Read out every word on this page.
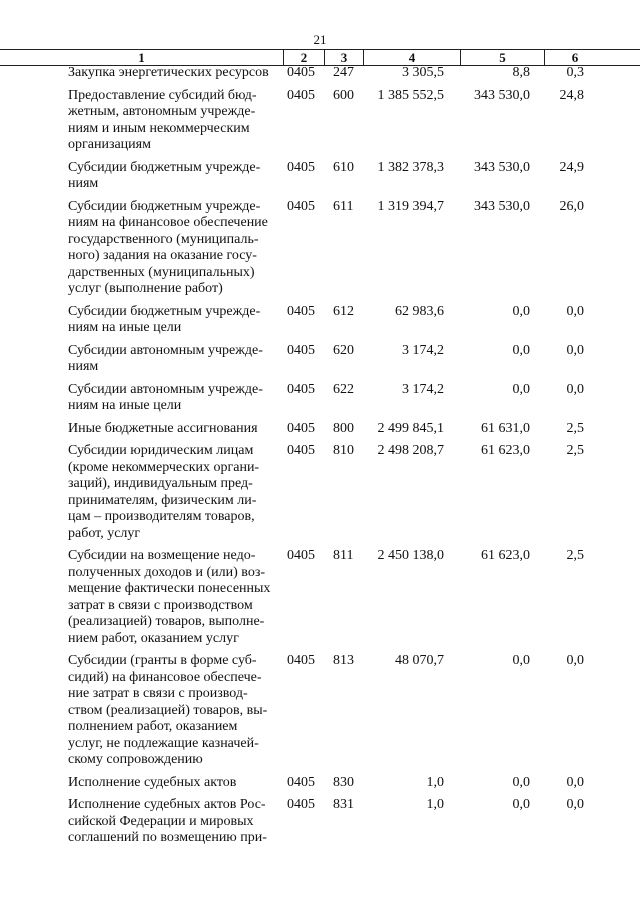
21
1	2	3	4	5	6
Закупка энергетических ресурсов	0405 247	3 305,5	8,8	0,3
Предоставление субсидий бюд-
жетным, автономным учрежде-
ниям и иным некоммерческим
организациям
0405 600	1 385 552,5	343 530,0	24,8
Субсидии бюджетным учрежде-
ниям
0405 610	1 382 378,3	343 530,0	24,9
Субсидии бюджетным учрежде-
ниям на финансовое обеспечение
государственного (муниципаль-
ного) задания на оказание госу-
дарственных (муниципальных)
услуг (выполнение работ)
0405 611	1 319 394,7	343 530,0	26,0
Субсидии бюджетным учрежде-
ниям на иные цели
0405 612	62 983,6	0,0	0,0
Субсидии автономным учрежде-
ниям
0405 620	3 174,2	0,0	0,0
Субсидии автономным учрежде-
ниям на иные цели
0405 622	3 174,2	0,0	0,0
Иные бюджетные ассигнования	0405 800	2 499 845,1	61 631,0	2,5
Субсидии юридическим лицам
(кроме некоммерческих органи-
заций), индивидуальным пред-
принимателям, физическим ли-
цам – производителям товаров,
работ, услуг
0405 810	2 498 208,7	61 623,0	2,5
Субсидии на возмещение недо-
полученных доходов и (или) воз-
мещение фактически понесенных
затрат в связи с производством
(реализацией) товаров, выполне-
нием работ, оказанием услуг
0405 811	2 450 138,0	61 623,0	2,5
Субсидии (гранты в форме суб-
сидий) на финансовое обеспече-
ние затрат в связи с производ-
ством (реализацией) товаров, вы-
полнением работ, оказанием
услуг, не подлежащие казначей-
скому сопровождению
0405 813	48 070,7	0,0	0,0
Исполнение судебных актов	0405 830	1,0	0,0	0,0
Исполнение судебных актов Рос-
сийской Федерации и мировых
соглашений по возмещению при-
0405 831	1,0	0,0	0,0
